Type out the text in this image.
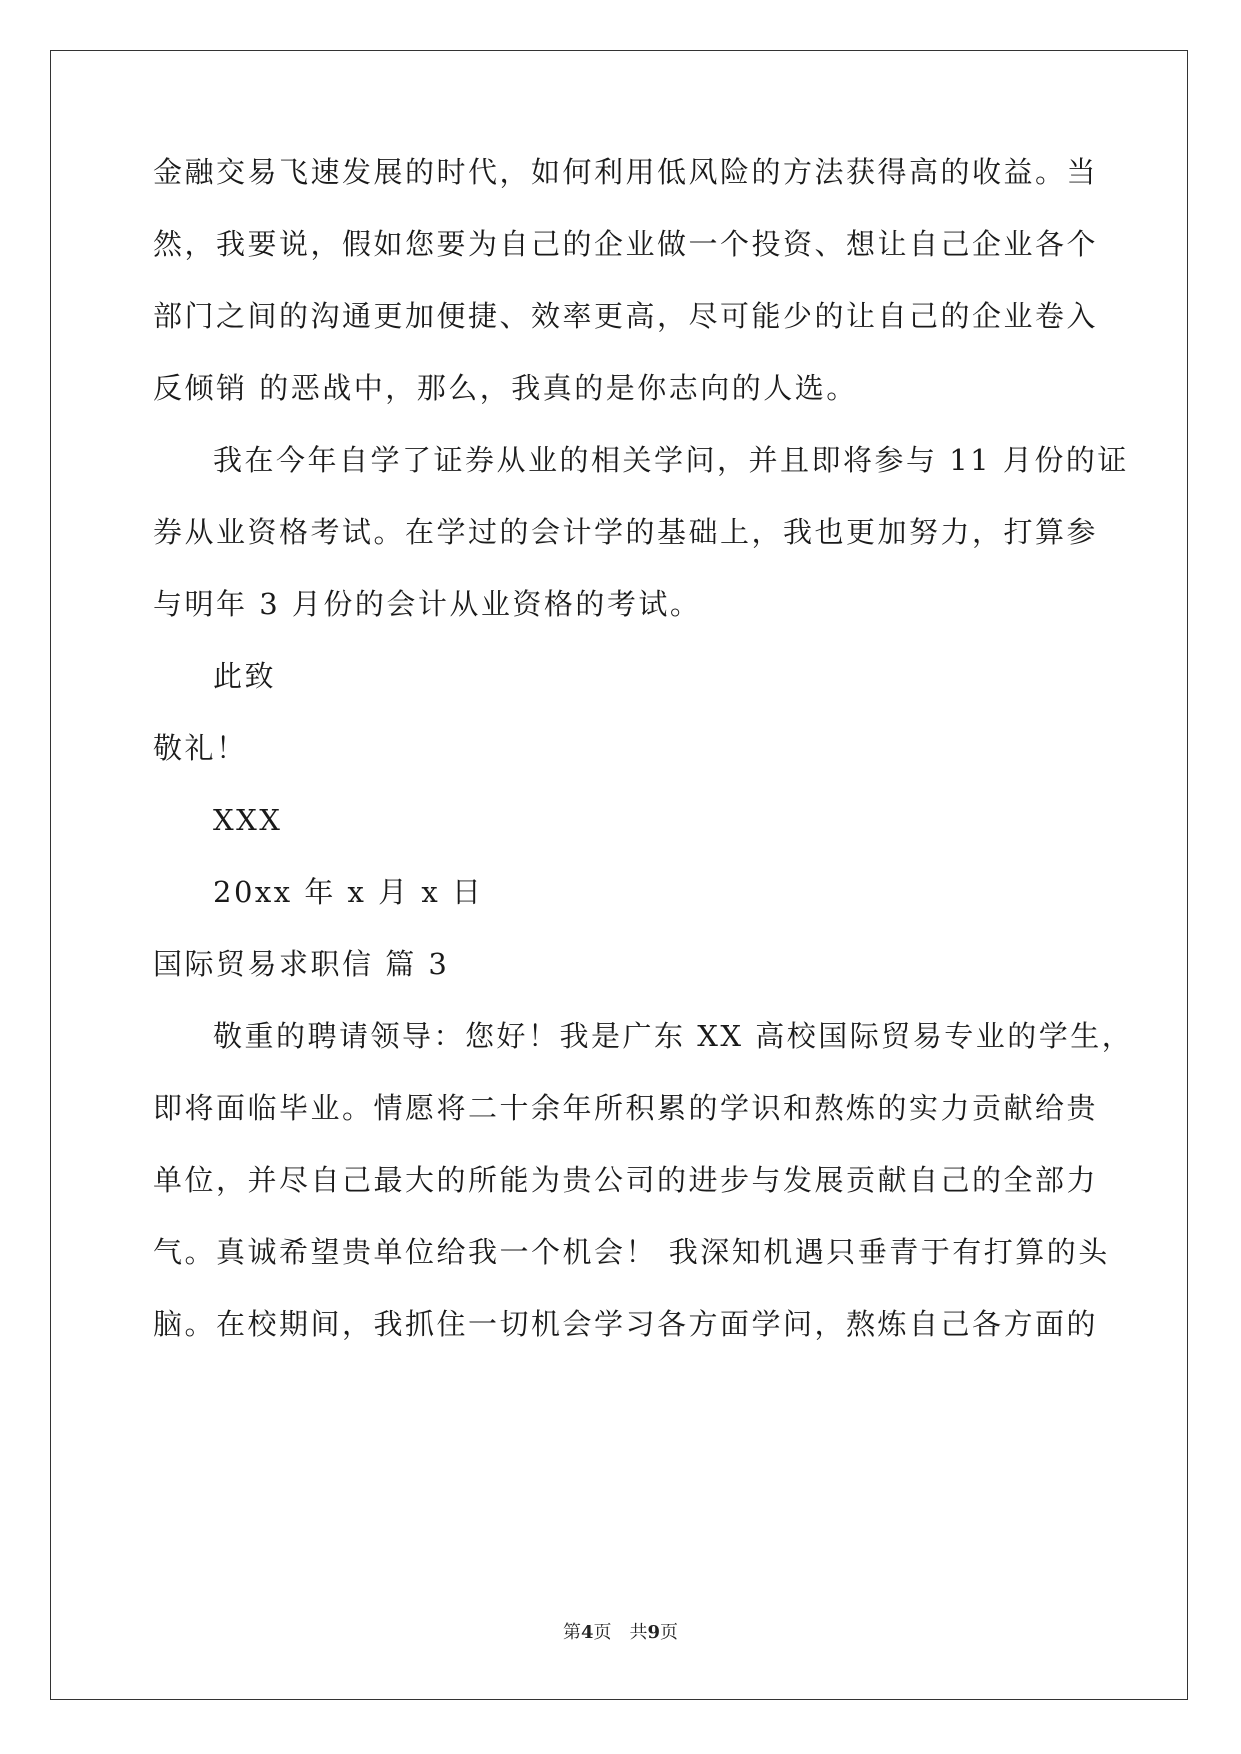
金融交易飞速发展的时代，如何利用低风险的方法获得高的收益。当
然，我要说，假如您要为自己的企业做一个投资、想让自己企业各个
部门之间的沟通更加便捷、效率更高，尽可能少的让自己的企业卷入
反倾销 的恶战中，那么，我真的是你志向的人选。
我在今年自学了证券从业的相关学问，并且即将参与 11 月份的证
券从业资格考试。在学过的会计学的基础上，我也更加努力，打算参
与明年 3 月份的会计从业资格的考试。
此致
敬礼！
XXX
20xx 年 x 月 x 日
国际贸易求职信 篇 3
敬重的聘请领导：您好！我是广东 XX 高校国际贸易专业的学生，
即将面临毕业。情愿将二十余年所积累的学识和熬炼的实力贡献给贵
单位，并尽自己最大的所能为贵公司的进步与发展贡献自己的全部力
气。真诚希望贵单位给我一个机会！ 我深知机遇只垂青于有打算的头
脑。在校期间，我抓住一切机会学习各方面学问，熬炼自己各方面的
第4页　共9页
